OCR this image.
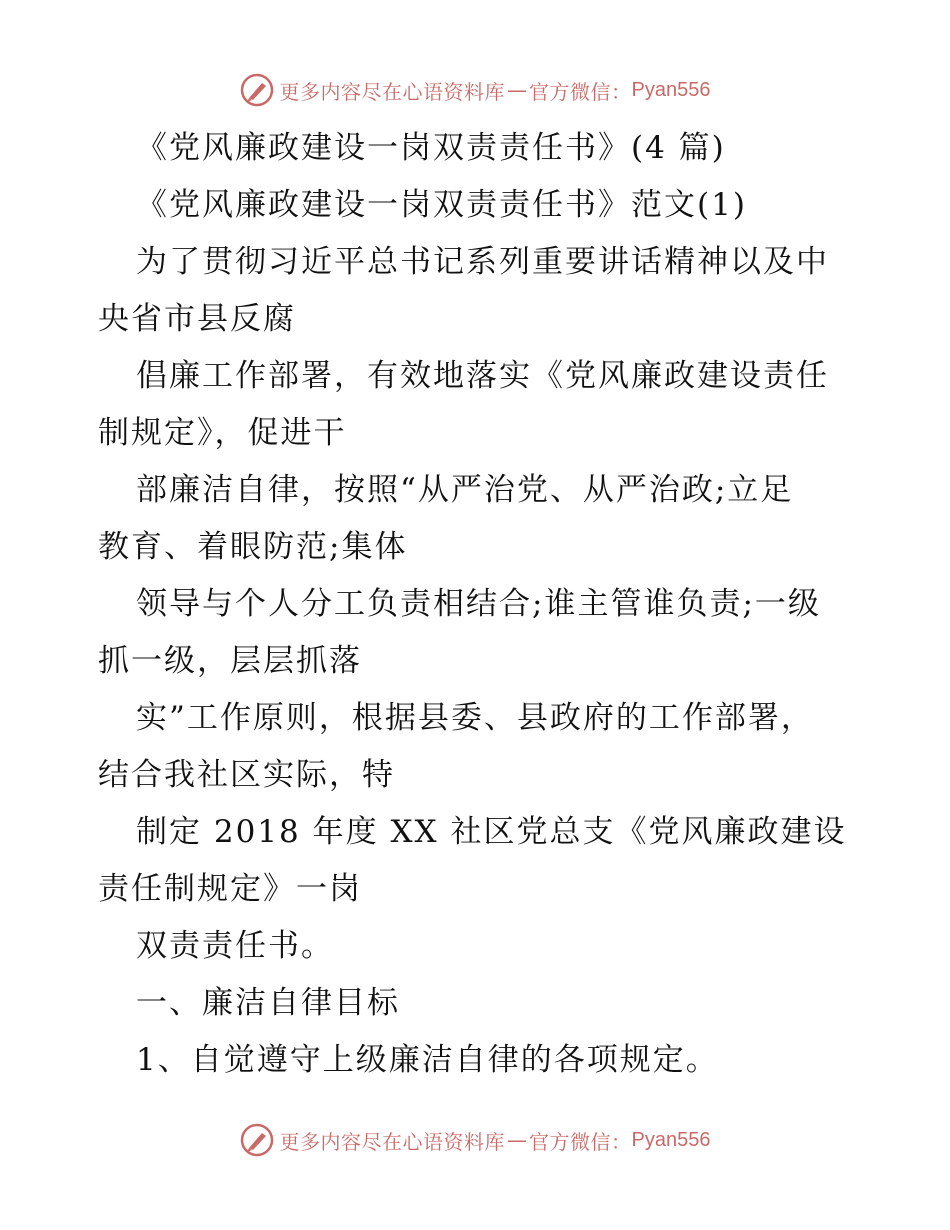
更多内容尽在心语资料库 — 官方微信： Pyan556
《党风廉政建设一岗双责责任书》(4 篇)
《党风廉政建设一岗双责责任书》范文(1)
为了贯彻习近平总书记系列重要讲话精神以及中
央省市县反腐
倡廉工作部署，有效地落实《党风廉政建设责任
制规定》，促进干
部廉洁自律，按照“从严治党、从严治政;立足
教育、着眼防范;集体
领导与个人分工负责相结合;谁主管谁负责;一级
抓一级，层层抓落
实”工作原则，根据县委、县政府的工作部署，
结合我社区实际，特
制定 2018 年度 XX 社区党总支《党风廉政建设
责任制规定》一岗
双责责任书。
一、廉洁自律目标
1、自觉遵守上级廉洁自律的各项规定。
更多内容尽在心语资料库 — 官方微信： Pyan556
